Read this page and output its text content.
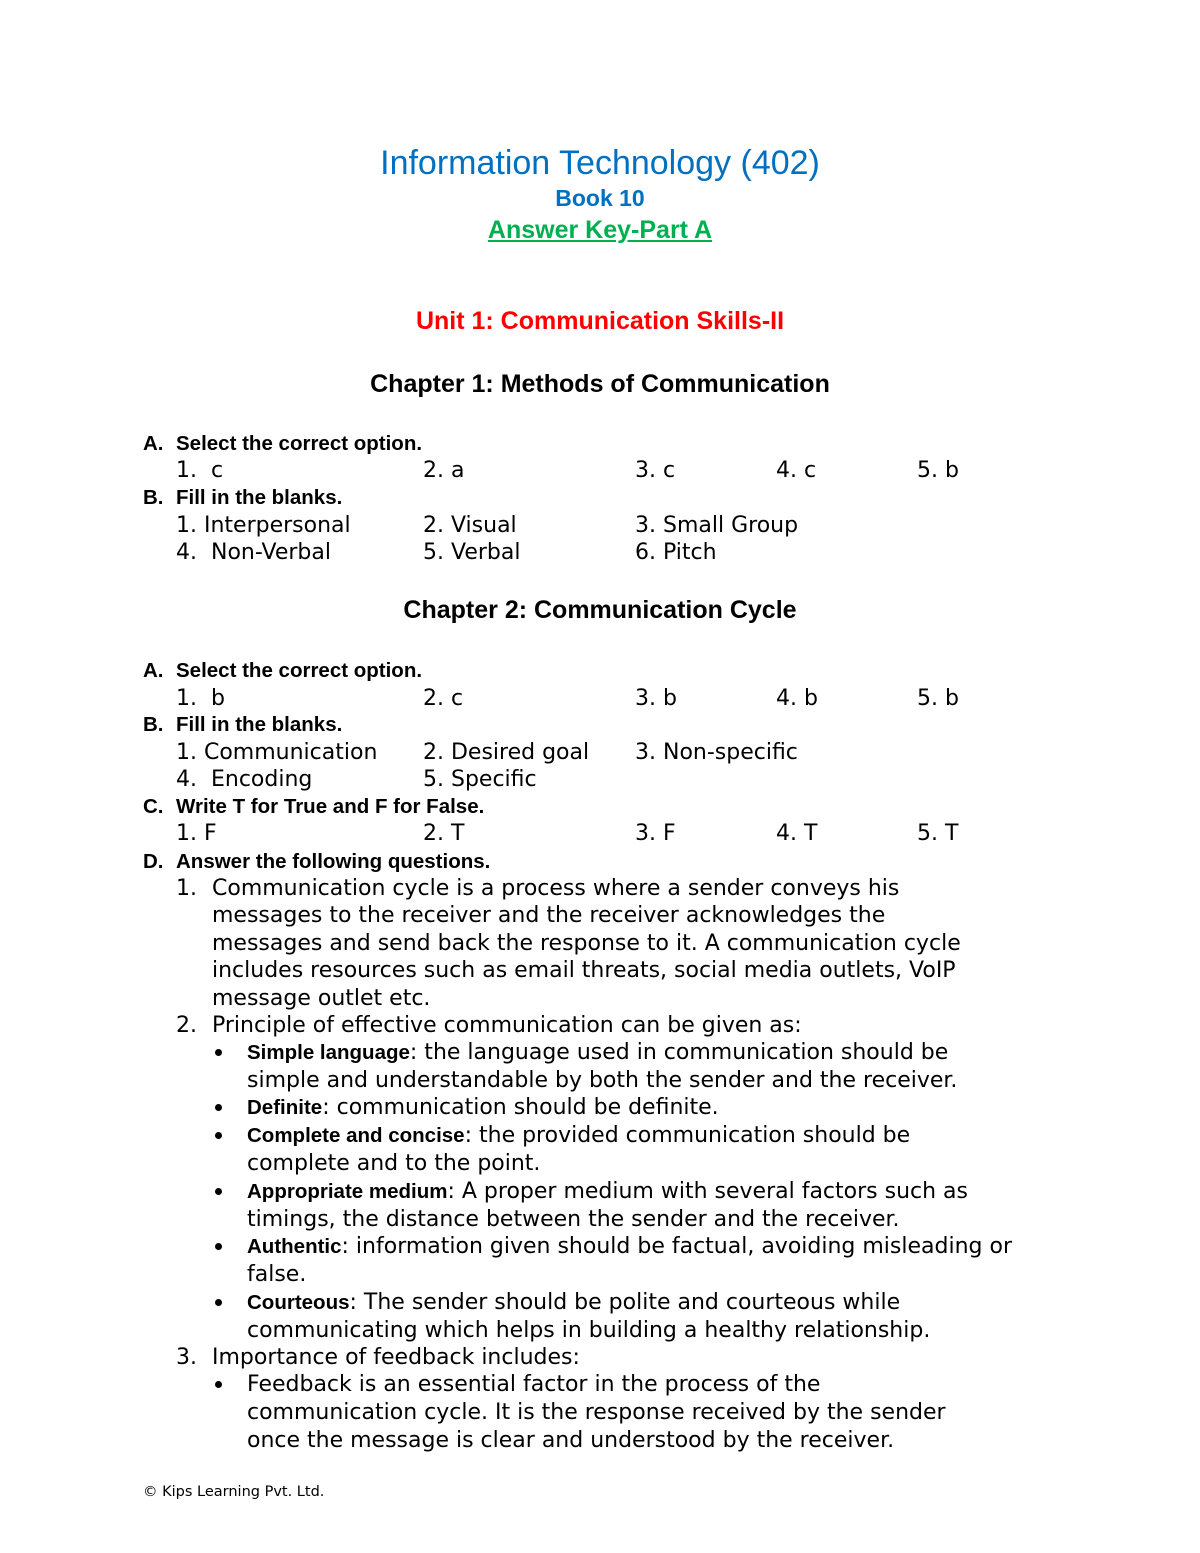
Information Technology (402)
Book 10
Answer Key-Part A
Unit 1: Communication Skills-II
Chapter 1: Methods of Communication
A. Select the correct option.
1.  c	2. a	3. c	4. c	5. b
B. Fill in the blanks.
1. Interpersonal	2. Visual	3. Small Group
4.  Non-Verbal	5. Verbal	6. Pitch
Chapter 2: Communication Cycle
A. Select the correct option.
1.  b	2. c	3. b	4. b	5. b
B. Fill in the blanks.
1. Communication 2. Desired goal 3. Non-specific
4.  Encoding	5. Specific
C. Write T for True and F for False.
1. F	2. T	3. F	4. T	5. T
D. Answer the following questions.
1. Communication cycle is a process where a sender conveys his
messages to the receiver and the receiver acknowledges the
messages and send back the response to it. A communication cycle
includes resources such as email threats, social media outlets, VoIP
message outlet etc.
2. Principle of effective communication can be given as:
Simple language: the language used in communication should be
simple and understandable by both the sender and the receiver.
Definite: communication should be definite.
Complete and concise: the provided communication should be
complete and to the point.
Appropriate medium: A proper medium with several factors such as
timings, the distance between the sender and the receiver.
Authentic: information given should be factual, avoiding misleading or
false.
Courteous: The sender should be polite and courteous while
communicating which helps in building a healthy relationship.
3. Importance of feedback includes:
Feedback is an essential factor in the process of the
communication cycle. It is the response received by the sender
once the message is clear and understood by the receiver.
© Kips Learning Pvt. Ltd.
